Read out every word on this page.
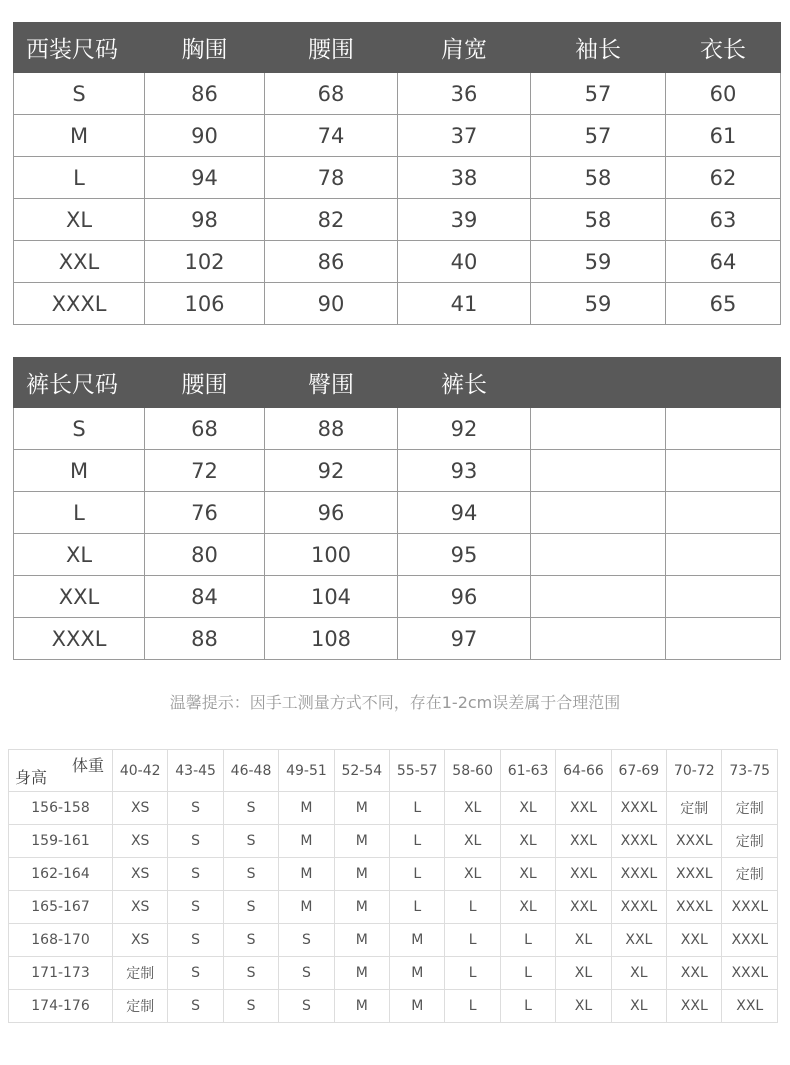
西装尺码	胸围	腰围	肩宽	袖长	衣长
S	86	68	36	57	60
M	90	74	37	57	61
L	94	78	38	58	62
XL	98	82	39	58	63
XXL	102	86	40	59	64
XXXL	106	90	41	59	65
裤长尺码	腰围	臀围	裤长		
S	68	88	92		
M	72	92	93		
L	76	96	94		
XL	80	100	95		
XXL	84	104	96		
XXXL	88	108	97		
温馨提示：因手工测量方式不同，存在1-2cm误差属于合理范围
体重
身高	40-42	43-45	46-48	49-51	52-54	55-57	58-60	61-63	64-66	67-69	70-72	73-75
156-158	XS	S	S	M	M	L	XL	XL	XXL	XXXL	定制	定制
159-161	XS	S	S	M	M	L	XL	XL	XXL	XXXL	XXXL	定制
162-164	XS	S	S	M	M	L	XL	XL	XXL	XXXL	XXXL	定制
165-167	XS	S	S	M	M	L	L	XL	XXL	XXXL	XXXL	XXXL
168-170	XS	S	S	S	M	M	L	L	XL	XXL	XXL	XXXL
171-173	定制	S	S	S	M	M	L	L	XL	XL	XXL	XXXL
174-176	定制	S	S	S	M	M	L	L	XL	XL	XXL	XXL
